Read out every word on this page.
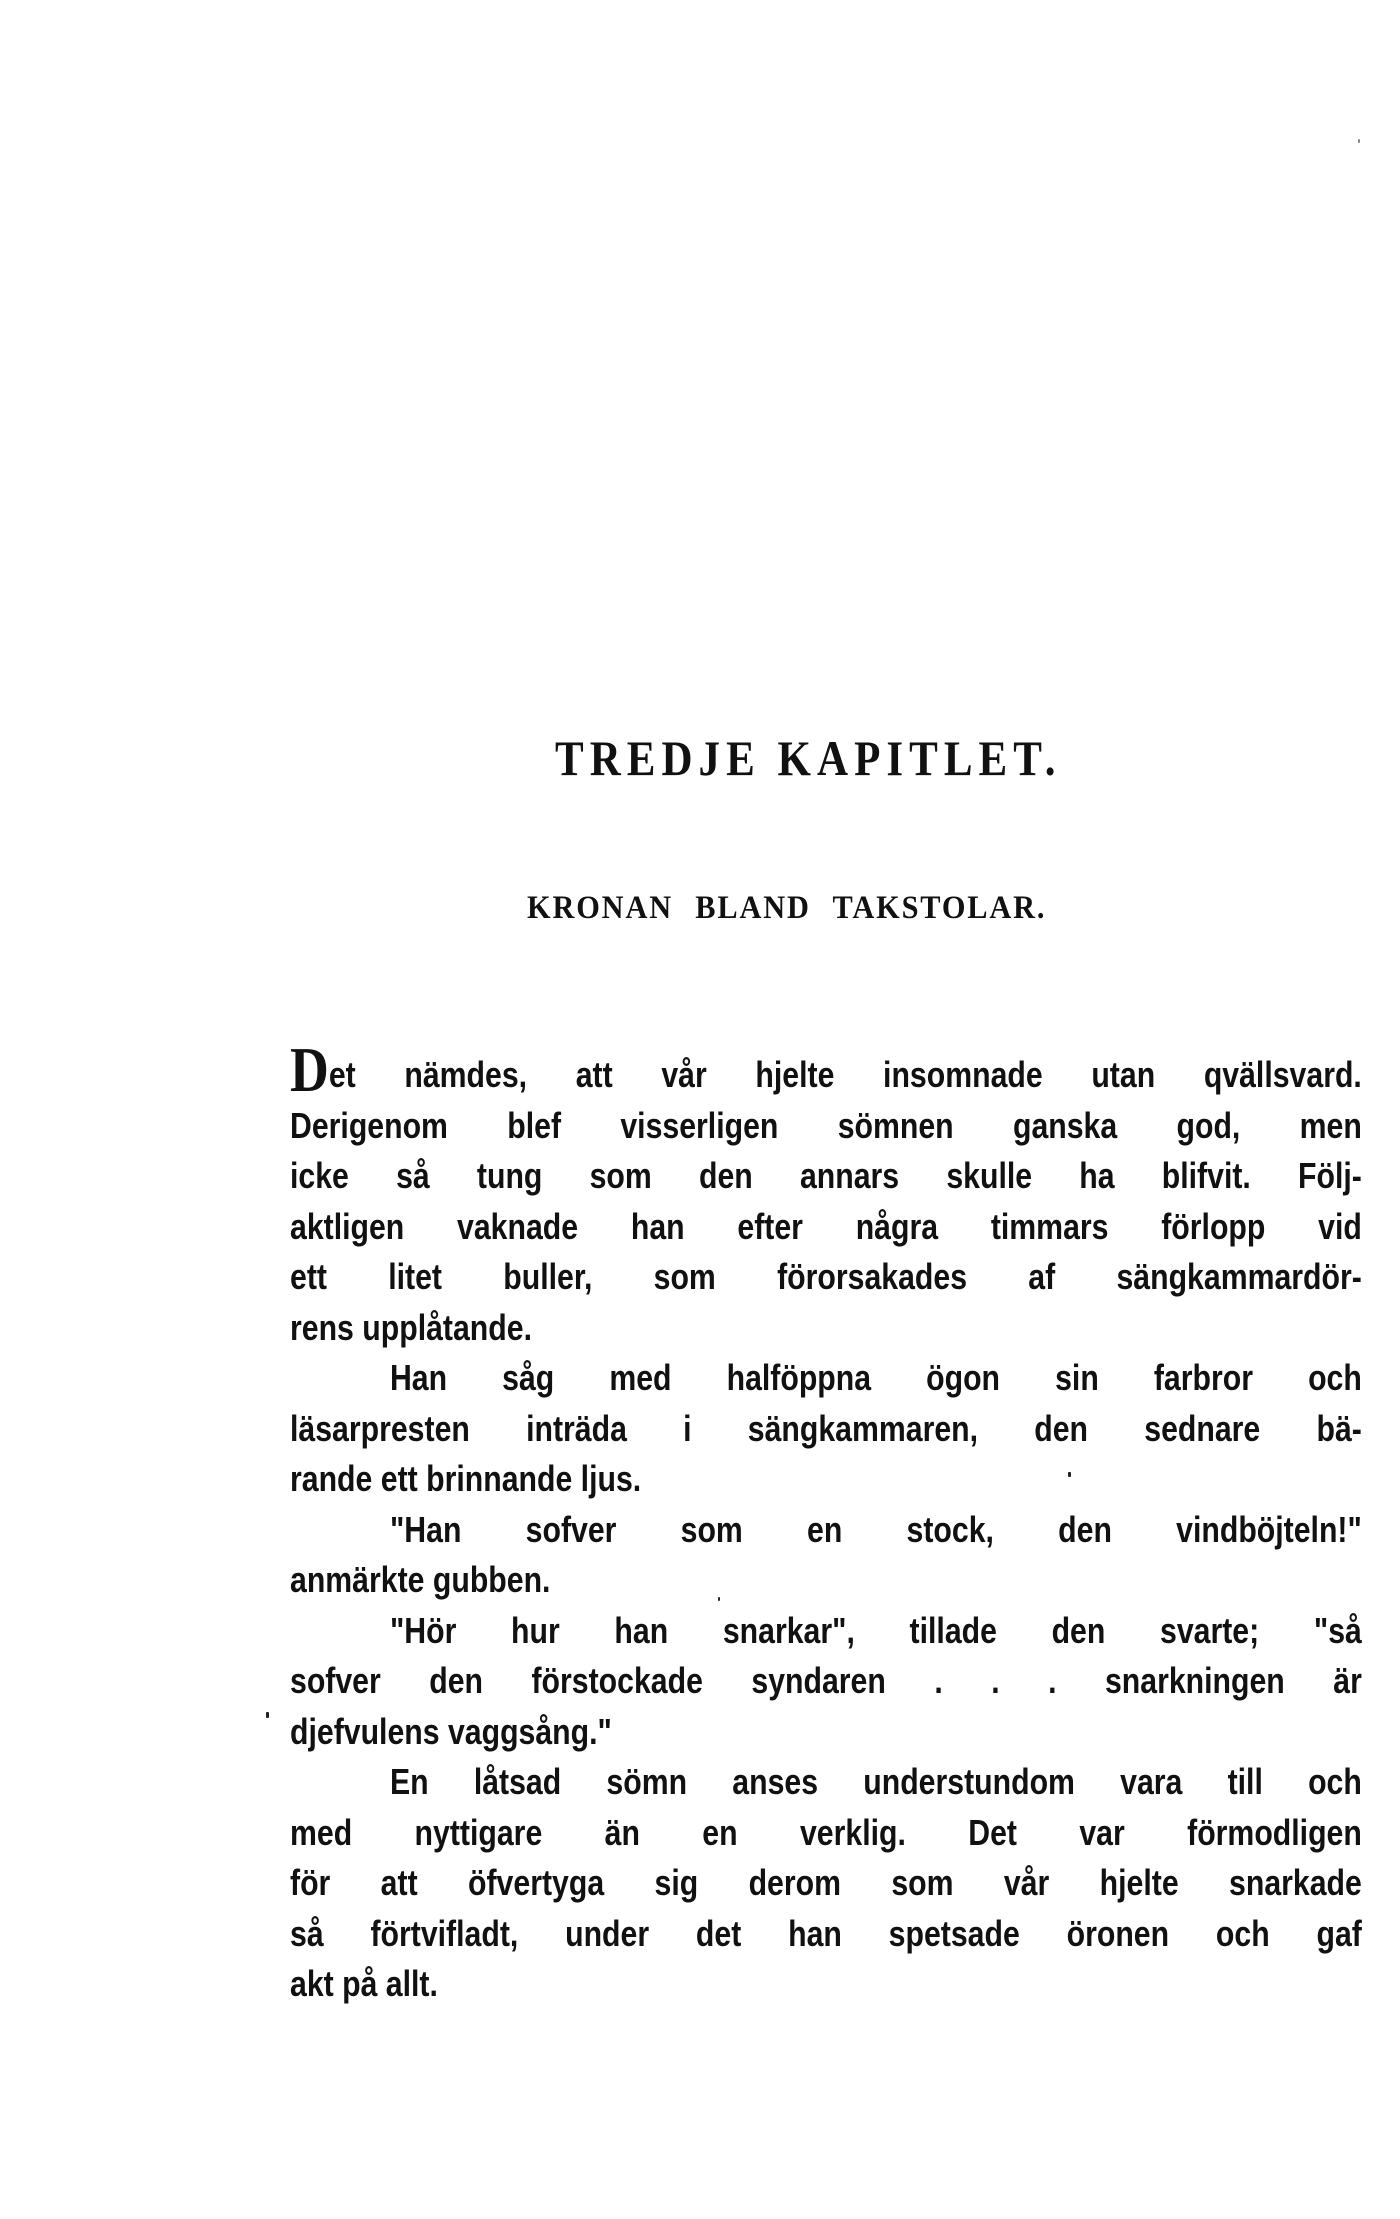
TREDJE KAPITLET.
KRONAN BLAND TAKSTOLAR.
Det nämdes, att vår hjelte insomnade utan qvällsvard.
Derigenom blef visserligen sömnen ganska god, men
icke så tung som den annars skulle ha blifvit. Följ-
aktligen vaknade han efter några timmars förlopp vid
ett litet buller, som förorsakades af sängkammardör-
rens upplåtande.
Han såg med halföppna ögon sin farbror och
läsarpresten inträda i sängkammaren, den sednare bä-
rande ett brinnande ljus.
"Han sofver som en stock, den vindböjteln!"
anmärkte gubben.
"Hör hur han snarkar", tillade den svarte; "så
sofver den förstockade syndaren . . . snarkningen är
djefvulens vaggsång."
En låtsad sömn anses understundom vara till och
med nyttigare än en verklig. Det var förmodligen
för att öfvertyga sig derom som vår hjelte snarkade
så förtvifladt, under det han spetsade öronen och gaf
akt på allt.
